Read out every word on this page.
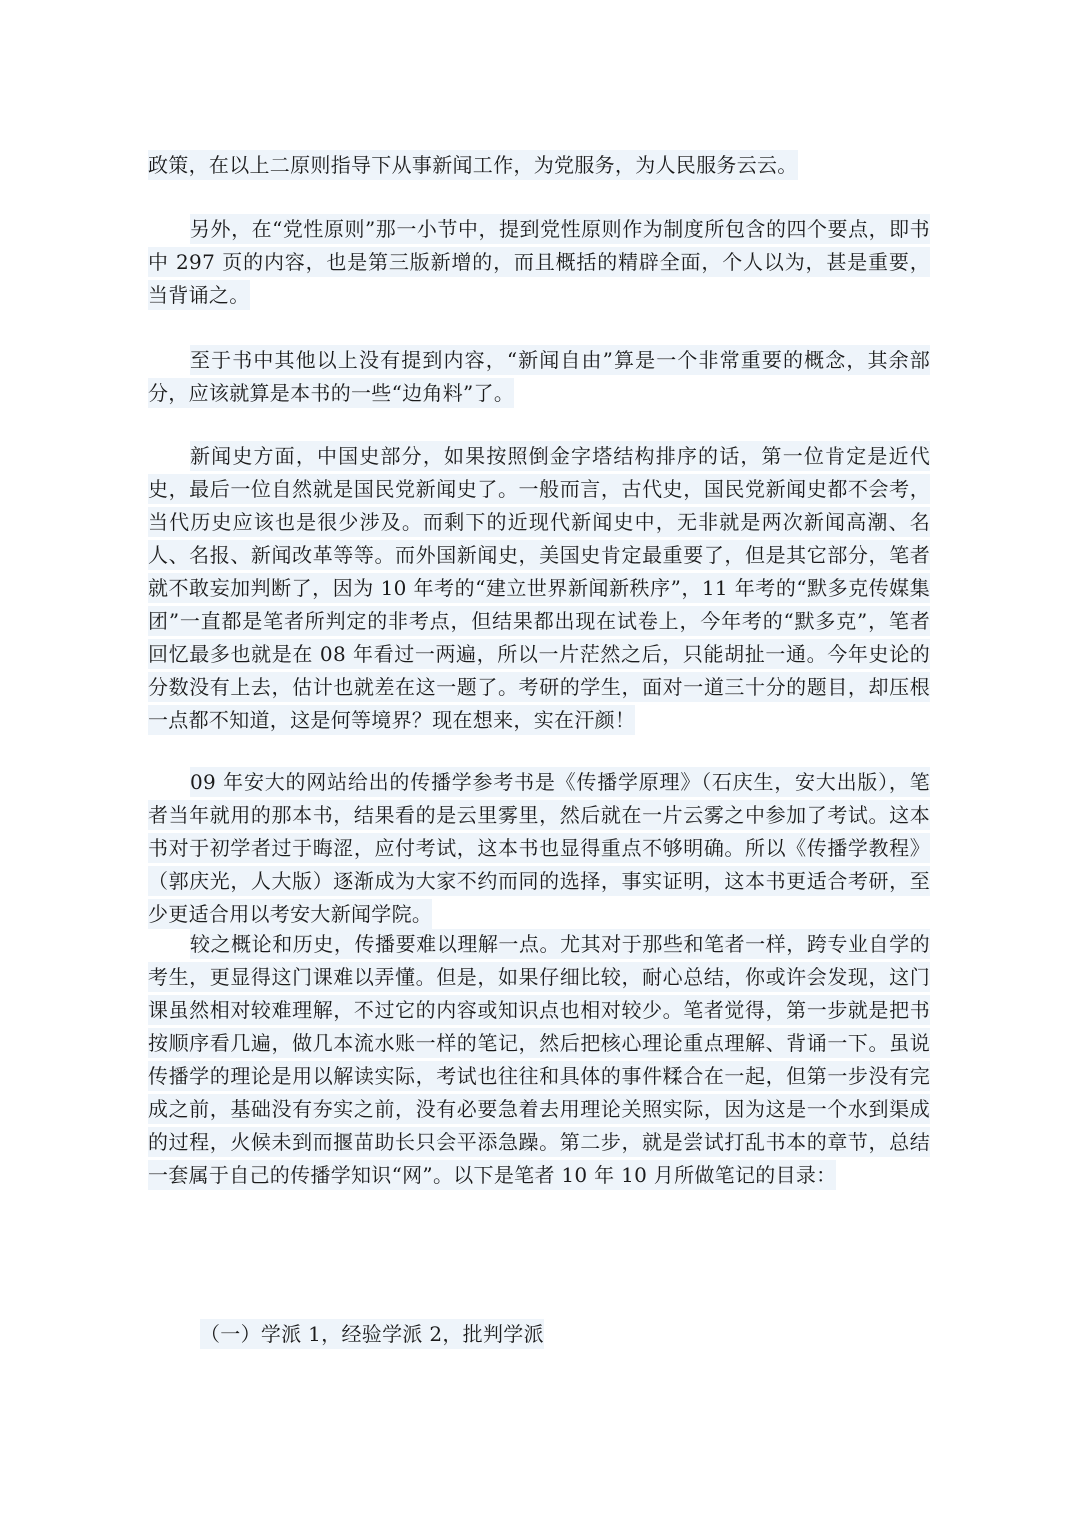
政策，在以上二原则指导下从事新闻工作，为党服务，为人民服务云云。

另外，在“党性原则”那一小节中，提到党性原则作为制度所包含的四个要点，即书中 297 页的内容，也是第三版新增的，而且概括的精辟全面，个人以为，甚是重要，当背诵之。

至于书中其他以上没有提到内容，“新闻自由”算是一个非常重要的概念，其余部分，应该就算是本书的一些“边角料”了。

新闻史方面，中国史部分，如果按照倒金字塔结构排序的话，第一位肯定是近代史，最后一位自然就是国民党新闻史了。一般而言，古代史，国民党新闻史都不会考，当代历史应该也是很少涉及。而剩下的近现代新闻史中，无非就是两次新闻高潮、名人、名报、新闻改革等等。而外国新闻史，美国史肯定最重要了，但是其它部分，笔者就不敢妄加判断了，因为 10 年考的“建立世界新闻新秩序”，11 年考的“默多克传媒集团”一直都是笔者所判定的非考点，但结果都出现在试卷上，今年考的“默多克”，笔者回忆最多也就是在 08 年看过一两遍，所以一片茫然之后，只能胡扯一通。今年史论的分数没有上去，估计也就差在这一题了。考研的学生，面对一道三十分的题目，却压根一点都不知道，这是何等境界？现在想来，实在汗颜！

09 年安大的网站给出的传播学参考书是《传播学原理》（石庆生，安大出版），笔者当年就用的那本书，结果看的是云里雾里，然后就在一片云雾之中参加了考试。这本书对于初学者过于晦涩，应付考试，这本书也显得重点不够明确。所以《传播学教程》（郭庆光，人大版）逐渐成为大家不约而同的选择，事实证明，这本书更适合考研，至少更适合用以考安大新闻学院。

较之概论和历史，传播要难以理解一点。尤其对于那些和笔者一样，跨专业自学的考生，更显得这门课难以弄懂。但是，如果仔细比较，耐心总结，你或许会发现，这门课虽然相对较难理解，不过它的内容或知识点也相对较少。笔者觉得，第一步就是把书按顺序看几遍，做几本流水账一样的笔记，然后把核心理论重点理解、背诵一下。虽说传播学的理论是用以解读实际，考试也往往和具体的事件糅合在一起，但第一步没有完成之前，基础没有夯实之前，没有必要急着去用理论关照实际，因为这是一个水到渠成的过程，火候未到而揠苗助长只会平添急躁。第二步，就是尝试打乱书本的章节，总结一套属于自己的传播学知识“网”。以下是笔者 10 年 10 月所做笔记的目录：

（一）学派 1，经验学派 2，批判学派
